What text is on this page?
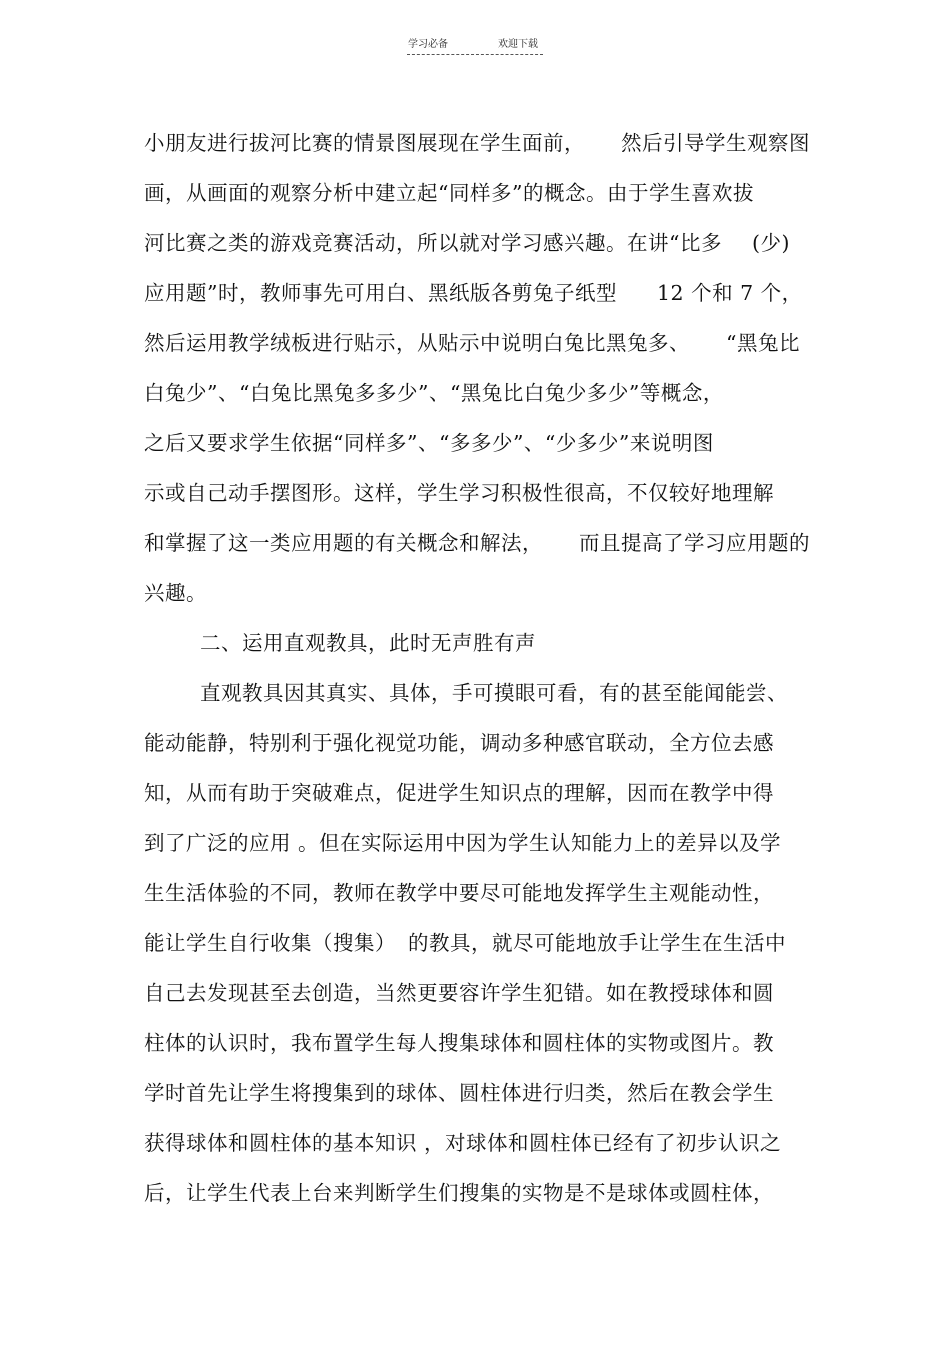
学习必备	欢迎下载
小朋友进行拔河比赛的情景图展现在学生面前， 然后引导学生观察图
画，从画面的观察分析中建立起“同样多”的概念。由于学生喜欢拔
河比赛之类的游戏竞赛活动，所以就对学习感兴趣。在讲“比多 (少)
应用题”时，教师事先可用白、黑纸版各剪兔子纸型 12 个和 7 个，
然后运用教学绒板进行贴示，从贴示中说明白兔比黑兔多、 “黑兔比
白兔少”、“白兔比黑兔多多少”、“黑兔比白兔少多少”等概念，
之后又要求学生依据“同样多”、“多多少”、“少多少”来说明图
示或自己动手摆图形。这样，学生学习积极性很高，不仅较好地理解
和掌握了这一类应用题的有关概念和解法， 而且提高了学习应用题的
兴趣。
二、运用直观教具，此时无声胜有声
直观教具因其真实、具体，手可摸眼可看，有的甚至能闻能尝、
能动能静，特别利于强化视觉功能，调动多种感官联动，全方位去感
知，从而有助于突破难点，促进学生知识点的理解，因而在教学中得
到了广泛的应用 。但在实际运用中因为学生认知能力上的差异以及学
生生活体验的不同，教师在教学中要尽可能地发挥学生主观能动性，
能让学生自行收集（搜集） 的教具，就尽可能地放手让学生在生活中
自己去发现甚至去创造，当然更要容许学生犯错。如在教授球体和圆
柱体的认识时，我布置学生每人搜集球体和圆柱体的实物或图片。教
学时首先让学生将搜集到的球体、圆柱体进行归类，然后在教会学生
获得球体和圆柱体的基本知识 ，对球体和圆柱体已经有了初步认识之
后，让学生代表上台来判断学生们搜集的实物是不是球体或圆柱体，
